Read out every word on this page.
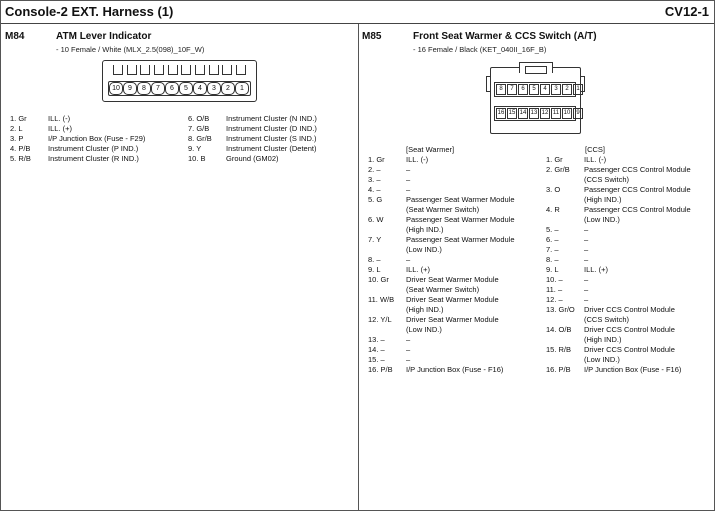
Console-2 EXT. Harness (1)	CV12-1
M84	ATM Lever Indicator
- 10 Female / White (MLX_2.5(098)_10F_W)
10	9	8	7	6	5	4	3	2	1
1. Gr	ILL. (-)
2. L	ILL. (+)
3. P	I/P Junction Box (Fuse - F29)
4. P/B Instrument Cluster (P IND.)
5. R/B Instrument Cluster (R IND.)
6. O/B Instrument Cluster (N IND.)
7. G/B Instrument Cluster (D IND.)
8. Gr/B Instrument Cluster (S IND.)
9. Y	Instrument Cluster (Detent)
10. B	Ground (GM02)
M85	Front Seat Warmer & CCS Switch (A/T)
- 16 Female / Black (KET_040II_16F_B)
8	7	6	5	4	3	2	1
16 15 14 13 12 11 10 9
[Seat Warmer]
1. Gr	ILL. (-)
2. –	–
3. –	–
4. –	–
5. G	Passenger Seat Warmer Module
(Seat Warmer Switch)
6. W	Passenger Seat Warmer Module
(High IND.)
7. Y	Passenger Seat Warmer Module
(Low IND.)
8. –	–
9. L	ILL. (+)
10. Gr Driver Seat Warmer Module
(Seat Warmer Switch)
11. W/B Driver Seat Warmer Module
(High IND.)
12. Y/L Driver Seat Warmer Module
(Low IND.)
13. –	–
14. –	–
15. –	–
16. P/B I/P Junction Box (Fuse - F16)
[CCS]
1. Gr	ILL. (-)
2. Gr/B Passenger CCS Control Module
(CCS Switch)
3. O	Passenger CCS Control Module
(High IND.)
4. R	Passenger CCS Control Module
(Low IND.)
5. –	–
6. –	–
7. –	–
8. –	–
9. L	ILL. (+)
10. –	–
11. –	–
12. –	–
13. Gr/O Driver CCS Control Module
(CCS Switch)
14. O/B Driver CCS Control Module
(High IND.)
15. R/B Driver CCS Control Module
(Low IND.)
16. P/B I/P Junction Box (Fuse - F16)
